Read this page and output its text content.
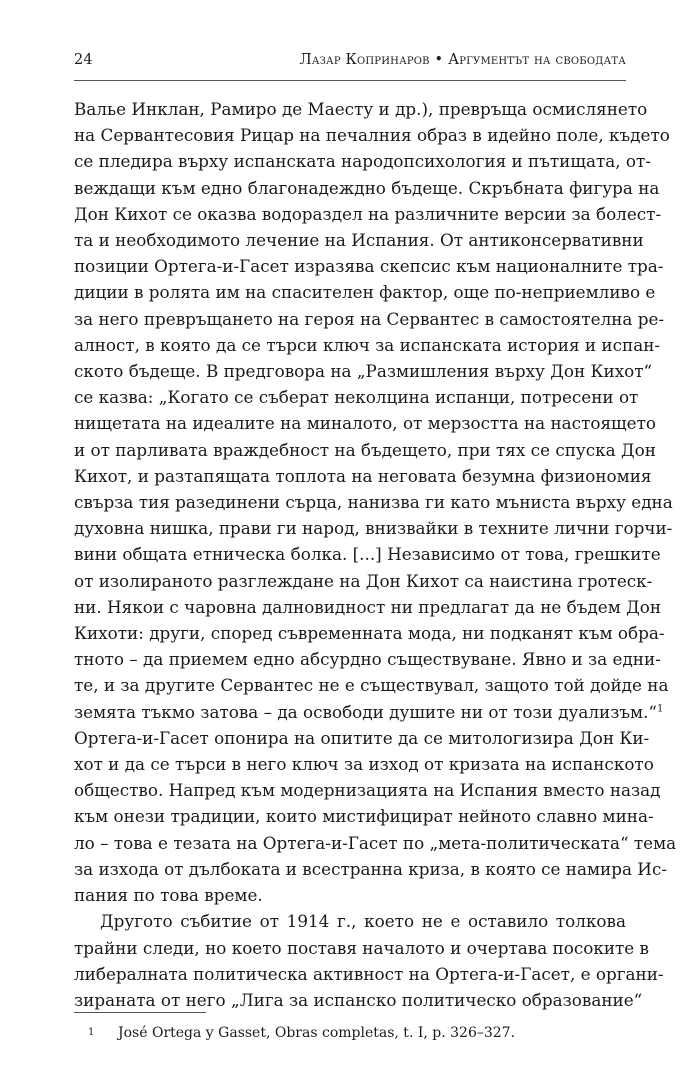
24	Лазар Копринаров • Аргументът на свободата
Валье Инклан, Рамиро де Маесту и др.), превръща осмислянето
на Сервантесовия Рицар на печалния образ в идейно поле, където
се пледира върху испанската народопсихология и пътищата, от-
веждащи към едно благонадеждно бъдеще. Скръбната фигура на
Дон Кихот се оказва водораздел на различните версии за болест-
та и необходимото лечение на Испания. От антиконсервативни
позиции Ортега-и-Гасет изразява скепсис към националните тра-
диции в ролята им на спасителен фактор, още по-неприемливо е
за него превръщането на героя на Сервантес в самостоятелна ре-
алност, в която да се търси ключ за испанската история и испан-
ското бъдеще. В предговора на „Размишления върху Дон Кихот“
се казва: „Когато се съберат неколцина испанци, потресени от
нищетата на идеалите на миналото, от мерзостта на настоящето
и от парливата враждебност на бъдещето, при тях се спуска Дон
Кихот, и разтапящата топлота на неговата безумна физиономия
свърза тия разединени сърца, нанизва ги като мъниста върху една
духовна нишка, прави ги народ, внизвайки в техните лични горчи-
вини общата етническа болка. [...] Независимо от това, грешките
от изолираното разглеждане на Дон Кихот са наистина гротеск-
ни. Някои с чаровна далновидност ни предлагат да не бъдем Дон
Кихоти: други, според съвременната мода, ни подканят към обра-
тното – да приемем едно абсурдно съществуване. Явно и за едни-
те, и за другите Сервантес не е съществувал, защото той дойде на
земята тъкмо затова – да освободи душите ни от този дуализъм.“$^1$
Ортега-и-Гасет опонира на опитите да се митологизира Дон Ки-
хот и да се търси в него ключ за изход от кризата на испанското
общество. Напред към модернизацията на Испания вместо назад
към онези традиции, които мистифицират нейното славно мина-
ло – това е тезата на Ортега-и-Гасет по „мета-политическата“ тема
за изхода от дълбоката и всестранна криза, в която се намира Ис-
пания по това време.
Другото събитие от 1914 г., което не е оставило толкова
трайни следи, но което поставя началото и очертава посоките в
либералната политическа активност на Ортега-и-Гасет, е органи-
зираната от него „Лига за испанско политическо образование“
1 José Ortega y Gasset, Obras completas, t. I, p. 326–327.
